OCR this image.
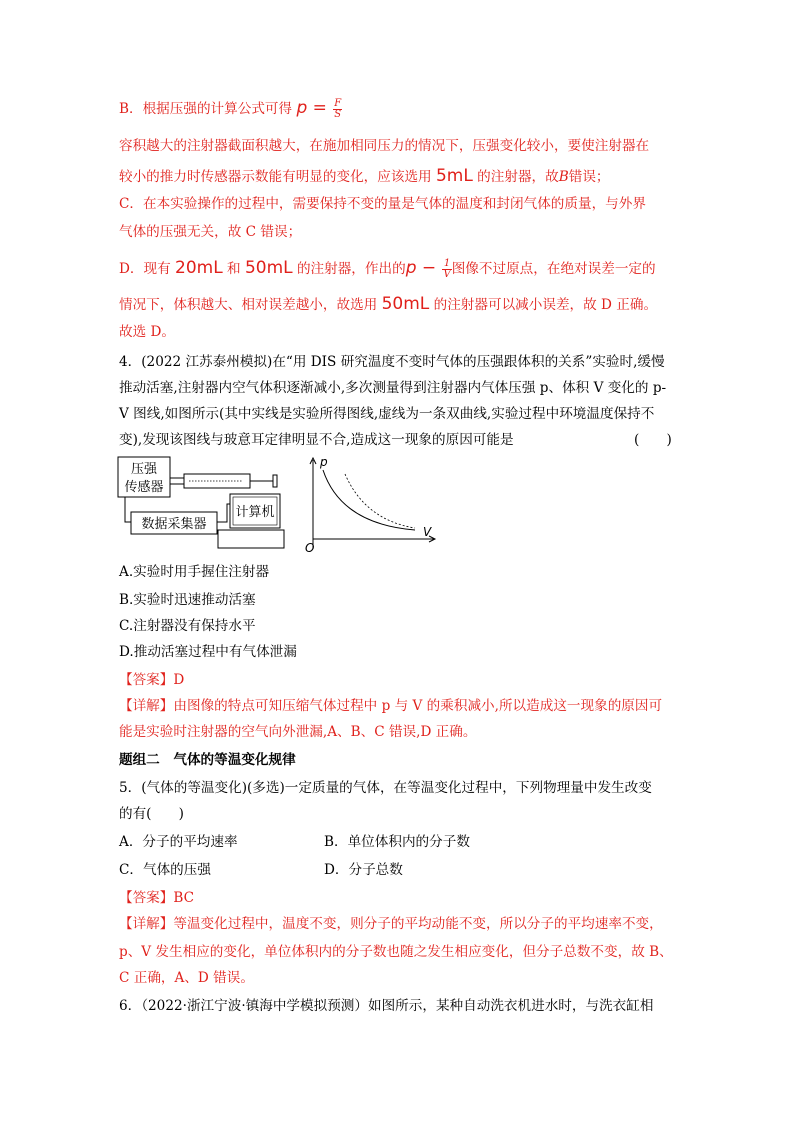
B．根据压强的计算公式可得 $p = \frac{F}{S}$
容积越大的注射器截面积越大，在施加相同压力的情况下，压强变化较小，要使注射器在
较小的推力时传感器示数能有明显的变化，应该选用 5mL 的注射器，故B错误；
C．在本实验操作的过程中，需要保持不变的量是气体的温度和封闭气体的质量，与外界
气体的压强无关，故 C 错误；
D．现有 20mL 和 50mL 的注射器，作出的$p - \frac{1}{V}$ 图像不过原点，在绝对误差一定的
情况下，体积越大、相对误差越小，故选用 50mL 的注射器可以减小误差，故 D 正确。
故选 D。
4．(2022 江苏泰州模拟)在“用 DIS 研究温度不变时气体的压强跟体积的关系”实验时,缓慢
推动活塞,注射器内空气体积逐渐减小,多次测量得到注射器内气体压强 p、体积 V 变化的 p-
V 图线,如图所示(其中实线是实验所得图线,虚线为一条双曲线,实验过程中环境温度保持不
变),发现该图线与玻意耳定律明显不合,造成这一现象的原因可能是	(　　)
压强
传感器
数据采集器
计算机
p
V
O
A.实验时用手握住注射器
B.实验时迅速推动活塞
C.注射器没有保持水平
D.推动活塞过程中有气体泄漏
【答案】D
【详解】由图像的特点可知压缩气体过程中 p 与 V 的乘积减小,所以造成这一现象的原因可
能是实验时注射器的空气向外泄漏,A、B、C 错误,D 正确。
题组二　气体的等温变化规律
5．(气体的等温变化)(多选)一定质量的气体，在等温变化过程中，下列物理量中发生改变
的有(　　)
A．分子的平均速率	B．单位体积内的分子数
C．气体的压强	D．分子总数
【答案】BC
【详解】等温变化过程中，温度不变，则分子的平均动能不变，所以分子的平均速率不变，
p、V 发生相应的变化，单位体积内的分子数也随之发生相应变化，但分子总数不变，故 B、
C 正确，A、D 错误。
6．（2022·浙江宁波·镇海中学模拟预测）如图所示，某种自动洗衣机进水时，与洗衣缸相
